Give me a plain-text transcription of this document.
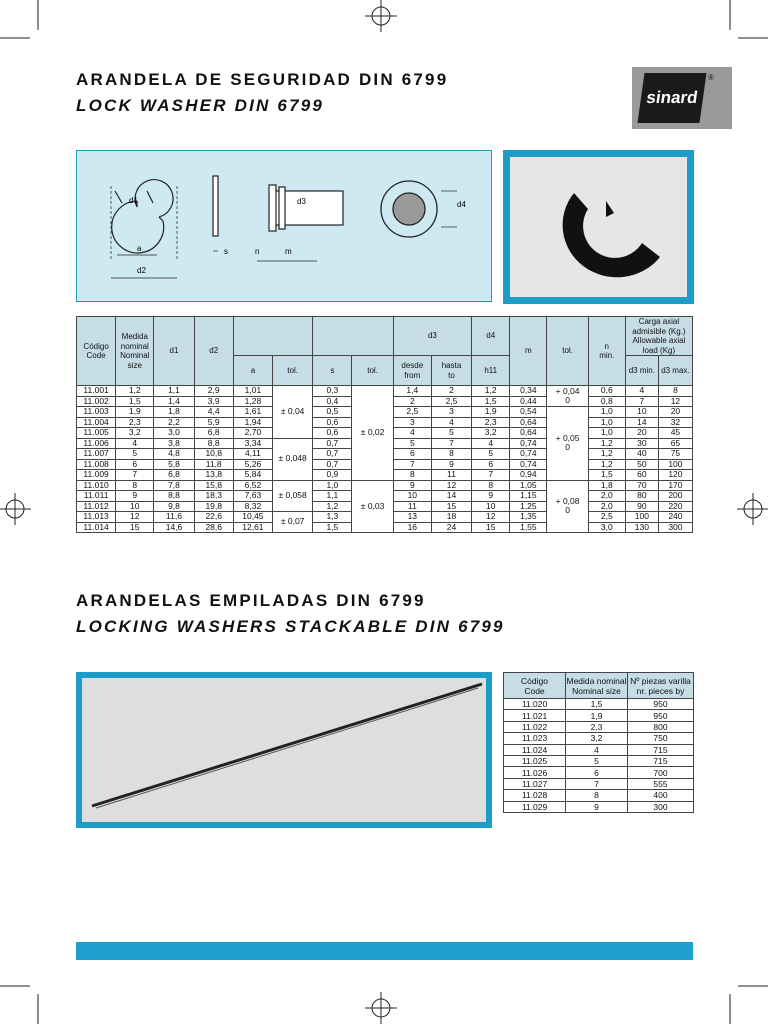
ARANDELA DE SEGURIDAD DIN 6799
LOCK WASHER DIN 6799	sinard
®
d1
a
d2
s
d3
n	m
d4
Código
Code	Medida nominal Nominal size	d1	d2					d3		d4	m	tol.	n
min.	Carga axial admisible (Kg.) Allowable axial load (Kg)	
				a	tol.	s	tol.	desde
from	hasta
to	h11				d3 min.	d3 max.
11.001	1,2	1,1	2,9	1,01	± 0,04	0,3	± 0,02	1,4	2	1,2	0,34	+ 0,04
0	0,6	4	8
11.002	1,5	1,4	3,9	1,28		0,4		2	2,5	1,5	0,44		0,8	7	12
11.003	1,9	1,8	4,4	1,61		0,5		2,5	3	1,9	0,54	+ 0,05
0	1,0	10	20
11.004	2,3	2,2	5,9	1,94		0,6		3	4	2,3	0,64		1,0	14	32
11.005	3,2	3,0	6,8	2,70		0,6		4	5	3,2	0,64		1,0	20	45
11.006	4	3,8	8,8	3,34	± 0,048	0,7		5	7	4	0,74		1,2	30	65
11.007	5	4,8	10,8	4,11		0,7		6	8	5	0,74		1,2	40	75
11.008	6	5,8	11,8	5,26		0,7		7	9	6	0,74		1,2	50	100
11.009	7	6,8	13,8	5,84		0,9		8	11	7	0,94		1,5	60	120
11.010	8	7,8	15,8	6,52	± 0,058	1,0	± 0,03	9	12	8	1,05	+ 0,08
0	1,8	70	170
11.011	9	8,8	18,3	7,63		1,1		10	14	9	1,15		2,0	80	200
11.012	10	9,8	19,8	8,32		1,2		11	15	10	1,25		2,0	90	220
11.013	12	11,6	22,6	10,45	± 0,07	1,3		13	18	12	1,35		2,5	100	240
11.014	15	14,6	28,6	12,61		1,5		16	24	15	1,55		3,0	130	300
ARANDELAS EMPILADAS DIN 6799
LOCKING WASHERS STACKABLE DIN 6799
Código
Code	Medida nominal
Nominal size	Nº piezas varilla
nr. pieces by
11.020	1,5	950
11.021	1,9	950
11.022	2,3	800
11.023	3,2	750
11.024	4	715
11.025	5	715
11.026	6	700
11.027	7	555
11.028	8	400
11.029	9	300
